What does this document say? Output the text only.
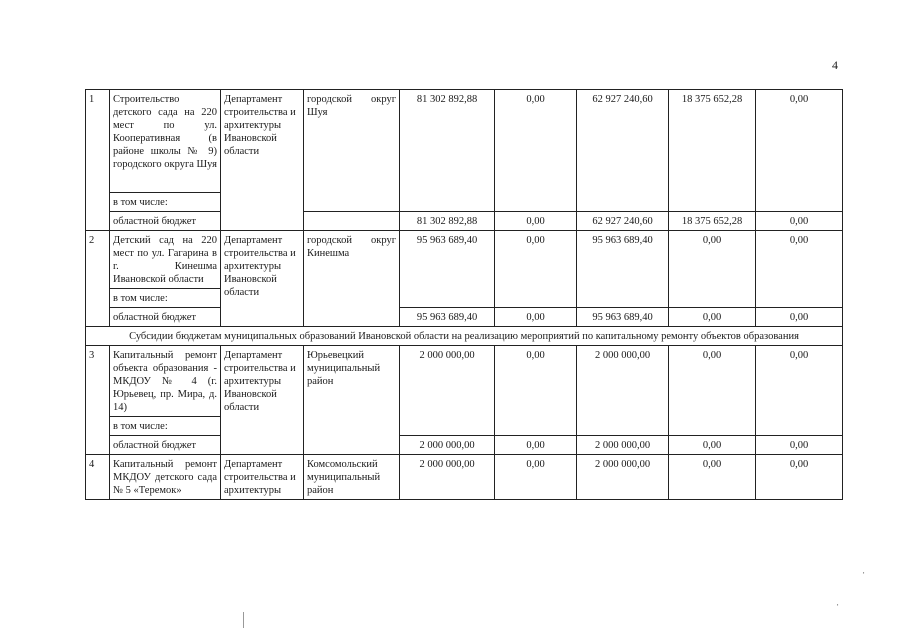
4
1	Строительство детского сада на 220 мест по ул. Кооперативная (в районе школы № 9) городского округа Шуя	Департамент строительства и архитектуры Ивановской области	городской округ Шуя	81 302 892,88	0,00	62 927 240,60	18 375 652,28	0,00
	в том числе:							
	областной бюджет			81 302 892,88	0,00	62 927 240,60	18 375 652,28	0,00
2	Детский сад на 220 мест по ул. Гагарина в г. Кинешма Ивановской области	Департамент строительства и архитектуры Ивановской области	городской округ Кинешма	95 963 689,40	0,00	95 963 689,40	0,00	0,00
	в том числе:							
	областной бюджет			95 963 689,40	0,00	95 963 689,40	0,00	0,00
Субсидии бюджетам муниципальных образований Ивановской области на реализацию мероприятий по капитальному ремонту объектов образования								
3	Капитальный ремонт объекта образования - МКДОУ № 4 (г. Юрьевец, пр. Мира, д. 14)	Департамент строительства и архитектуры Ивановской области	Юрьевецкий муниципальный район	2 000 000,00	0,00	2 000 000,00	0,00	0,00
	в том числе:							
	областной бюджет			2 000 000,00	0,00	2 000 000,00	0,00	0,00
4	Капитальный ремонт МКДОУ детского сада № 5 «Теремок»	Департамент строительства и архитектуры	Комсомольский муниципальный район	2 000 000,00	0,00	2 000 000,00	0,00	0,00
⋅
⋅
